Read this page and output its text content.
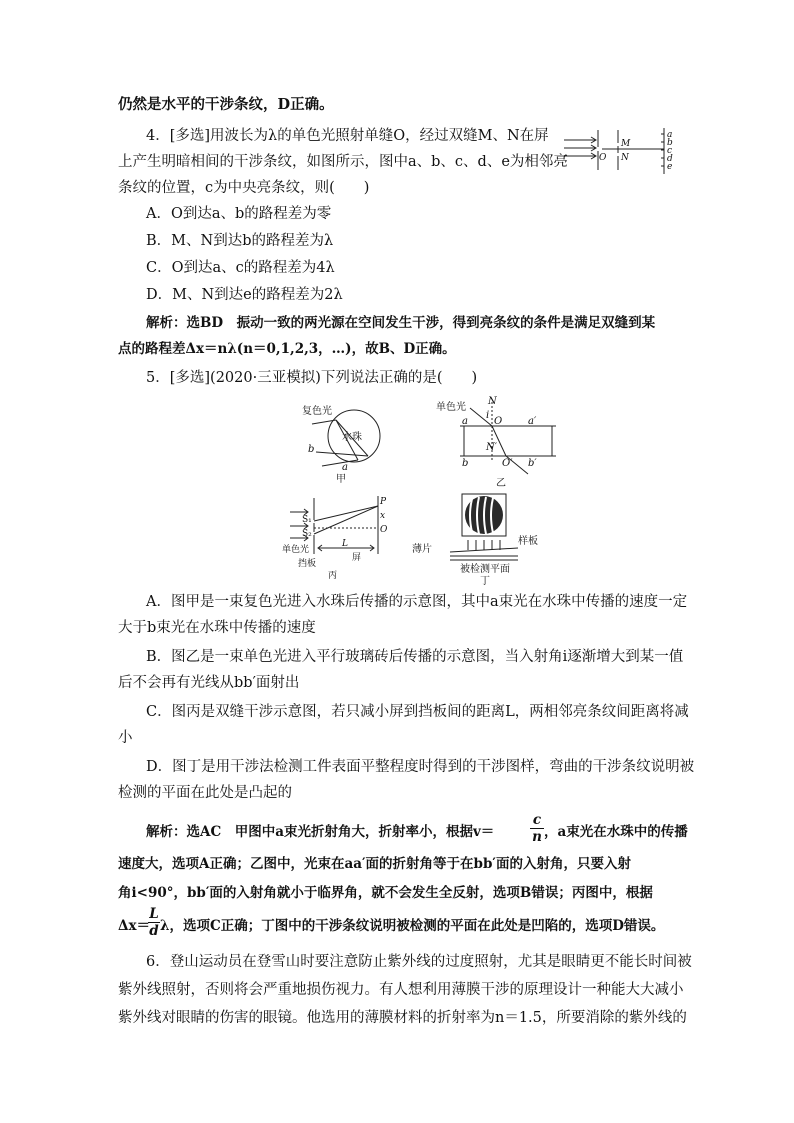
仍然是水平的干涉条纹，D正确。
4．[多选]用波长为λ的单色光照射单缝O，经过双缝M、N在屏
上产生明暗相间的干涉条纹，如图所示，图中a、b、c、d、e为相邻亮
条纹的位置，c为中央亮条纹，则(　　)
O
M
N
a
b
c
d
e
A．O到达a、b的路程差为零
B．M、N到达b的路程差为λ
C．O到达a、c的路程差为4λ
D．M、N到达e的路程差为2λ
解析：选BD　振动一致的两光源在空间发生干涉，得到亮条纹的条件是满足双缝到某
点的路程差Δx＝nλ(n＝0,1,2,3，…)，故B、D正确。
5．[多选](2020·三亚模拟)下列说法正确的是(　　)
复色光
水珠
b
a
甲
单色光
N
i
O
a	a′
N′
b	O′ b′
乙
S₁
S₂
P
x
O
L
单色光
屏
挡板
丙
薄片
样板
被检测平面
丁
A．图甲是一束复色光进入水珠后传播的示意图，其中a束光在水珠中传播的速度一定
大于b束光在水珠中传播的速度
B．图乙是一束单色光进入平行玻璃砖后传播的示意图，当入射角i逐渐增大到某一值
后不会再有光线从bb′面射出
C．图丙是双缝干涉示意图，若只减小屏到挡板间的距离L，两相邻亮条纹间距离将减
小
D．图丁是用干涉法检测工件表面平整程度时得到的干涉图样，弯曲的干涉条纹说明被
检测的平面在此处是凸起的
解析：选AC　甲图中a束光折射角大，折射率小，根据v＝	$\frac{c}{n}$ ，a束光在水珠中的传播
速度大，选项A正确；乙图中，光束在aa′面的折射角等于在bb′面的入射角，只要入射
角i<90°，bb′面的入射角就小于临界角，就不会发生全反射，选项B错误；丙图中，根据
Δx＝
$\frac{L}{d}$ λ，选项C正确；丁图中的干涉条纹说明被检测的平面在此处是凹陷的，选项D错误。
6．登山运动员在登雪山时要注意防止紫外线的过度照射，尤其是眼睛更不能长时间被
紫外线照射，否则将会严重地损伤视力。有人想利用薄膜干涉的原理设计一种能大大减小
紫外线对眼睛的伤害的眼镜。他选用的薄膜材料的折射率为n＝1.5，所要消除的紫外线的
